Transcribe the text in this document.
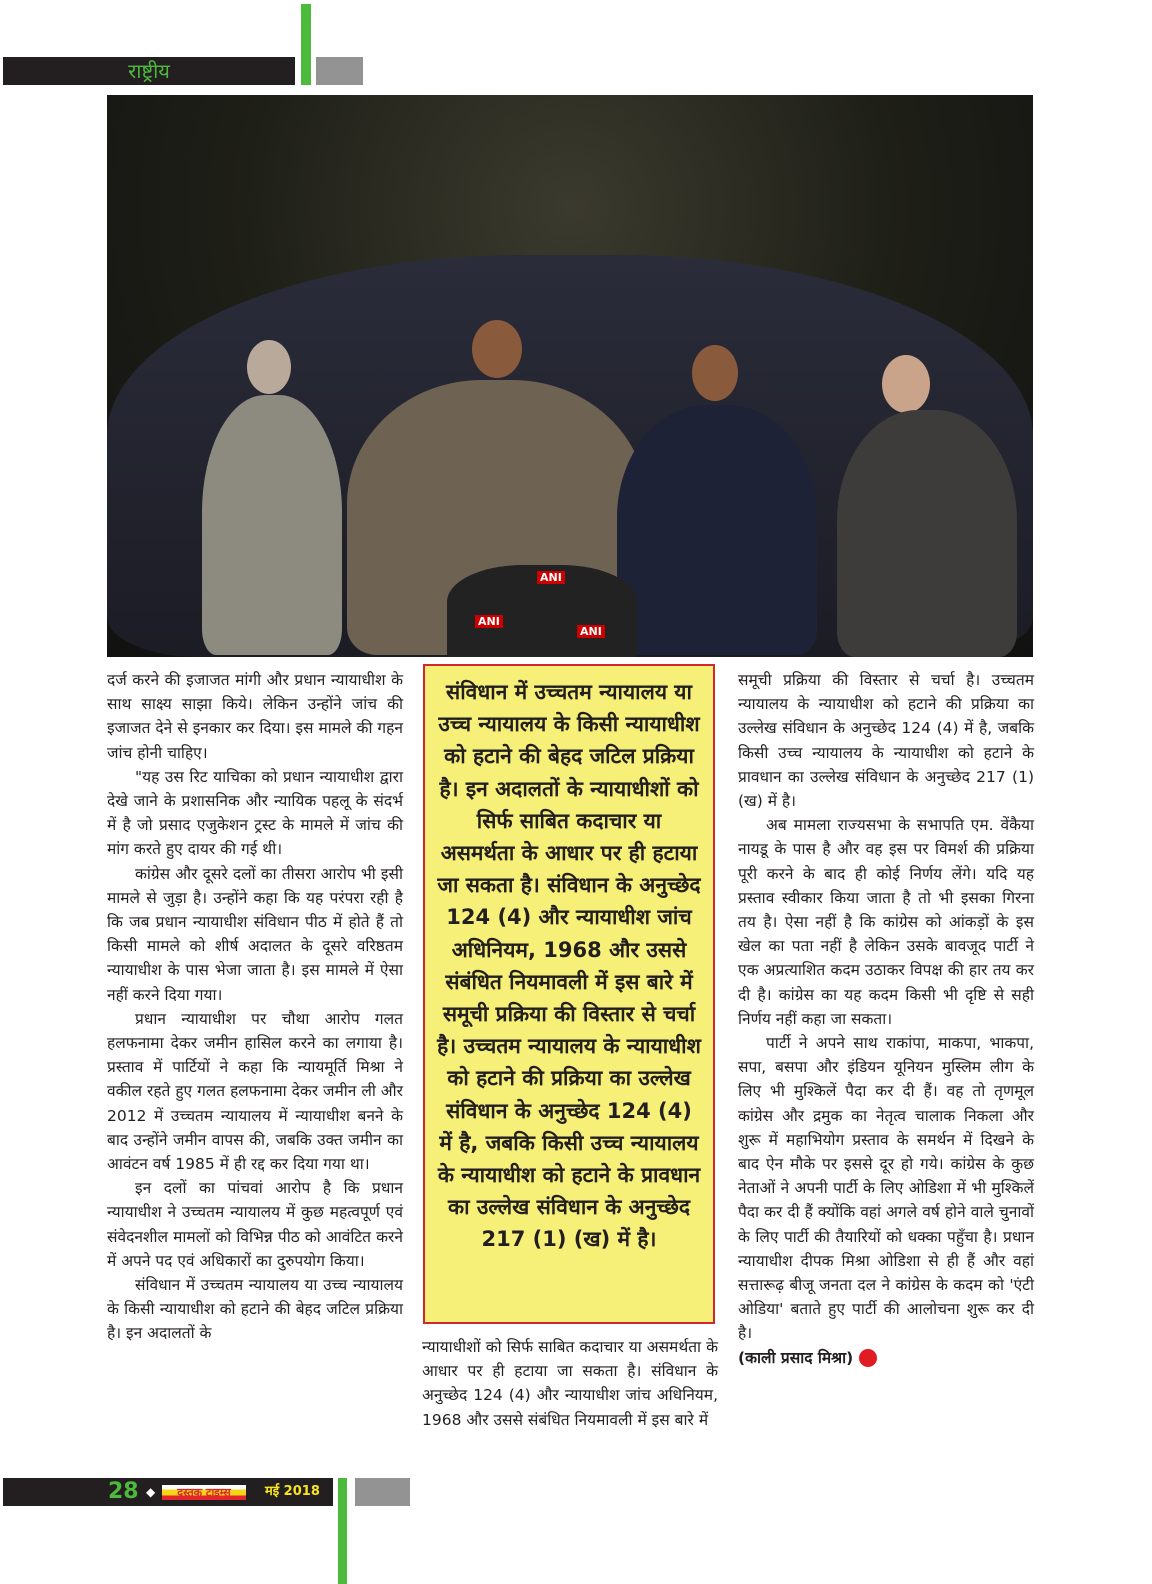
राष्ट्रीय
ANI
ANI
ANI

दर्ज करने की इजाजत मांगी और प्रधान न्यायाधीश के साथ साक्ष्य साझा किये। लेकिन उन्होंने जांच की इजाजत देने से इनकार कर दिया। इस मामले की गहन जांच होनी चाहिए।

"यह उस रिट याचिका को प्रधान न्यायाधीश द्वारा देखे जाने के प्रशासनिक और न्यायिक पहलू के संदर्भ में है जो प्रसाद एजुकेशन ट्रस्ट के मामले में जांच की मांग करते हुए दायर की गई थी।

कांग्रेस और दूसरे दलों का तीसरा आरोप भी इसी मामले से जुड़ा है। उन्होंने कहा कि यह परंपरा रही है कि जब प्रधान न्यायाधीश संविधान पीठ में होते हैं तो किसी मामले को शीर्ष अदालत के दूसरे वरिष्ठतम न्यायाधीश के पास भेजा जाता है। इस मामले में ऐसा नहीं करने दिया गया।

प्रधान न्यायाधीश पर चौथा आरोप गलत हलफनामा देकर जमीन हासिल करने का लगाया है। प्रस्ताव में पार्टियों ने कहा कि न्यायमूर्ति मिश्रा ने वकील रहते हुए गलत हलफनामा देकर जमीन ली और 2012 में उच्चतम न्यायालय में न्यायाधीश बनने के बाद उन्होंने जमीन वापस की, जबकि उक्त जमीन का आवंटन वर्ष 1985 में ही रद्द कर दिया गया था।

इन दलों का पांचवां आरोप है कि प्रधान न्यायाधीश ने उच्चतम न्यायालय में कुछ महत्वपूर्ण एवं संवेदनशील मामलों को विभिन्न पीठ को आवंटित करने में अपने पद एवं अधिकारों का दुरुपयोग किया।

संविधान में उच्चतम न्यायालय या उच्च न्यायालय के किसी न्यायाधीश को हटाने की बेहद जटिल प्रक्रिया है। इन अदालतों के

संविधान में उच्चतम न्यायालय या उच्च न्यायालय के किसी न्यायाधीश को हटाने की बेहद जटिल प्रक्रिया है। इन अदालतों के न्यायाधीशों को सिर्फ साबित कदाचार या असमर्थता के आधार पर ही हटाया जा सकता है। संविधान के अनुच्छेद 124 (4) और न्यायाधीश जांच अधिनियम, 1968 और उससे संबंधित नियमावली में इस बारे में समूची प्रक्रिया की विस्तार से चर्चा है। उच्चतम न्यायालय के न्यायाधीश को हटाने की प्रक्रिया का उल्लेख संविधान के अनुच्छेद 124 (4) में है, जबकि किसी उच्च न्यायालय के न्यायाधीश को हटाने के प्रावधान का उल्लेख संविधान के अनुच्छेद 217 (1) (ख) में है।

न्यायाधीशों को सिर्फ साबित कदाचार या असमर्थता के आधार पर ही हटाया जा सकता है। संविधान के अनुच्छेद 124 (4) और न्यायाधीश जांच अधिनियम, 1968 और उससे संबंधित नियमावली में इस बारे में

समूची प्रक्रिया की विस्तार से चर्चा है। उच्चतम न्यायालय के न्यायाधीश को हटाने की प्रक्रिया का उल्लेख संविधान के अनुच्छेद 124 (4) में है, जबकि किसी उच्च न्यायालय के न्यायाधीश को हटाने के प्रावधान का उल्लेख संविधान के अनुच्छेद 217 (1) (ख) में है।

अब मामला राज्यसभा के सभापति एम. वेंकैया नायडू के पास है और वह इस पर विमर्श की प्रक्रिया पूरी करने के बाद ही कोई निर्णय लेंगे। यदि यह प्रस्ताव स्वीकार किया जाता है तो भी इसका गिरना तय है। ऐसा नहीं है कि कांग्रेस को आंकड़ों के इस खेल का पता नहीं है लेकिन उसके बावजूद पार्टी ने एक अप्रत्याशित कदम उठाकर विपक्ष की हार तय कर दी है। कांग्रेस का यह कदम किसी भी दृष्टि से सही निर्णय नहीं कहा जा सकता।

पार्टी ने अपने साथ राकांपा, माकपा, भाकपा, सपा, बसपा और इंडियन यूनियन मुस्लिम लीग के लिए भी मुश्किलें पैदा कर दी हैं। वह तो तृणमूल कांग्रेस और द्रमुक का नेतृत्व चालाक निकला और शुरू में महाभियोग प्रस्ताव के समर्थन में दिखने के बाद ऐन मौके पर इससे दूर हो गये। कांग्रेस के कुछ नेताओं ने अपनी पार्टी के लिए ओडिशा में भी मुश्किलें पैदा कर दी हैं क्योंकि वहां अगले वर्ष होने वाले चुनावों के लिए पार्टी की तैयारियों को धक्का पहुँचा है। प्रधान न्यायाधीश दीपक मिश्रा ओडिशा से ही हैं और वहां सत्तारूढ़ बीजू जनता दल ने कांग्रेस के कदम को 'एंटी ओडिया' बताते हुए पार्टी की आलोचना शुरू कर दी है।

(काली प्रसाद मिश्रा)

28 ◆	दस्तक टाइम्स	मई 2018
